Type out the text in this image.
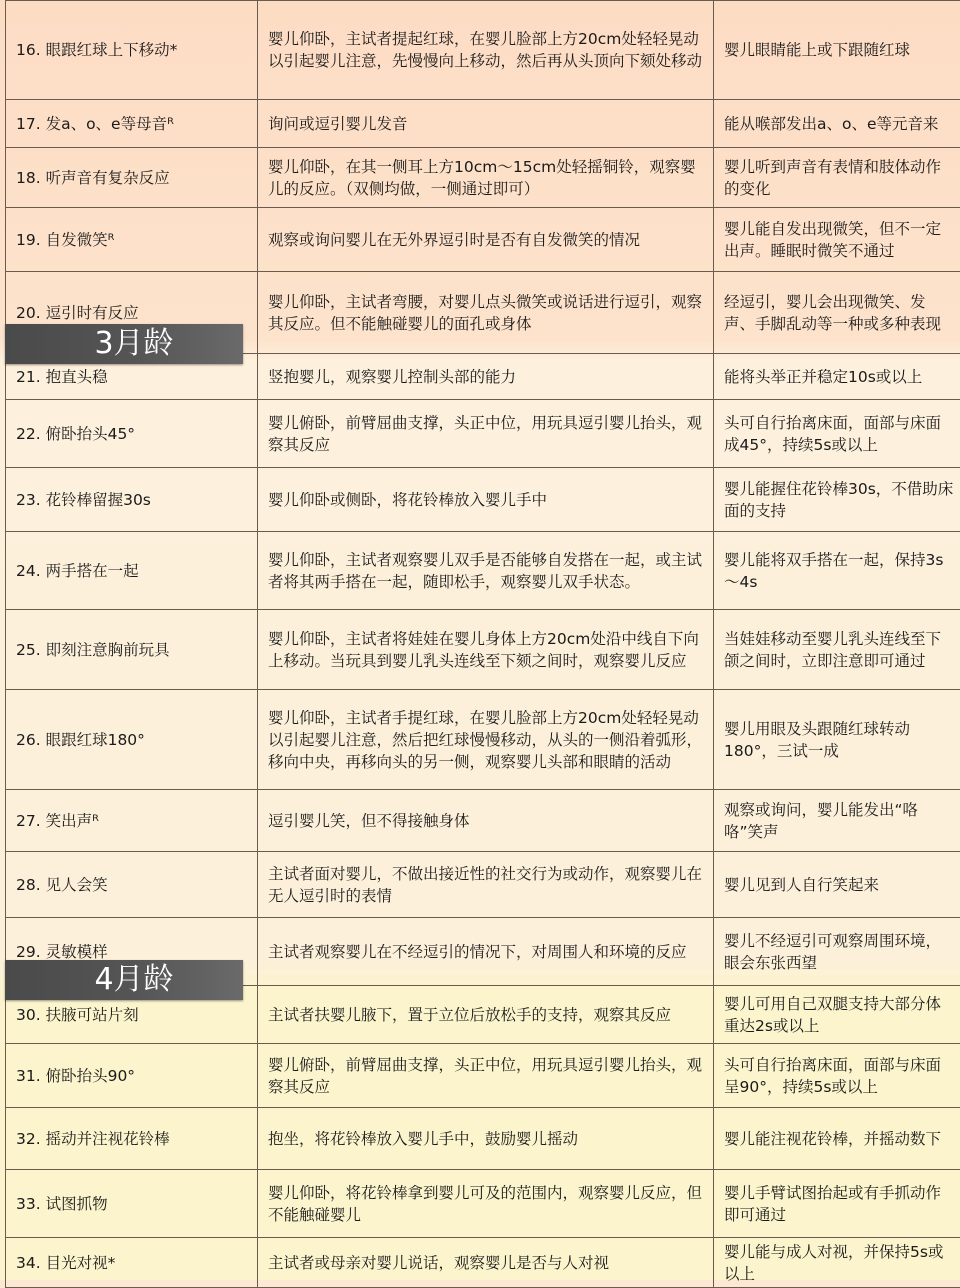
16. 眼跟红球上下移动*	婴儿仰卧，主试者提起红球，在婴儿脸部上方20cm处轻轻晃动以引起婴儿注意，先慢慢向上移动，然后再从头顶向下颏处移动	婴儿眼睛能上或下跟随红球
17. 发a、o、e等母音ᴿ	询问或逗引婴儿发音	能从喉部发出a、o、e等元音来
18. 听声音有复杂反应	婴儿仰卧，在其一侧耳上方10cm～15cm处轻摇铜铃，观察婴儿的反应。（双侧均做，一侧通过即可）	婴儿听到声音有表情和肢体动作的变化
19. 自发微笑ᴿ	观察或询问婴儿在无外界逗引时是否有自发微笑的情况	婴儿能自发出现微笑，但不一定出声。睡眠时微笑不通过
20. 逗引时有反应	婴儿仰卧，主试者弯腰，对婴儿点头微笑或说话进行逗引，观察其反应。但不能触碰婴儿的面孔或身体	经逗引，婴儿会出现微笑、发声、手脚乱动等一种或多种表现
21. 抱直头稳	竖抱婴儿，观察婴儿控制头部的能力	能将头举正并稳定10s或以上
22. 俯卧抬头45°	婴儿俯卧，前臂屈曲支撑，头正中位，用玩具逗引婴儿抬头，观察其反应	头可自行抬离床面，面部与床面成45°，持续5s或以上
23. 花铃棒留握30s	婴儿仰卧或侧卧，将花铃棒放入婴儿手中	婴儿能握住花铃棒30s，不借助床面的支持
24. 两手搭在一起	婴儿仰卧，主试者观察婴儿双手是否能够自发搭在一起，或主试者将其两手搭在一起，随即松手，观察婴儿双手状态。	婴儿能将双手搭在一起，保持3s～4s
25. 即刻注意胸前玩具	婴儿仰卧，主试者将娃娃在婴儿身体上方20cm处沿中线自下向上移动。当玩具到婴儿乳头连线至下颏之间时，观察婴儿反应	当娃娃移动至婴儿乳头连线至下颌之间时，立即注意即可通过
26. 眼跟红球180°	婴儿仰卧，主试者手提红球，在婴儿脸部上方20cm处轻轻晃动以引起婴儿注意，然后把红球慢慢移动，从头的一侧沿着弧形，移向中央，再移向头的另一侧，观察婴儿头部和眼睛的活动	婴儿用眼及头跟随红球转动180°，三试一成
27. 笑出声ᴿ	逗引婴儿笑，但不得接触身体	观察或询问，婴儿能发出“咯咯”笑声
28. 见人会笑	主试者面对婴儿，不做出接近性的社交行为或动作，观察婴儿在无人逗引时的表情	婴儿见到人自行笑起来
29. 灵敏模样	主试者观察婴儿在不经逗引的情况下，对周围人和环境的反应	婴儿不经逗引可观察周围环境，眼会东张西望
30. 扶腋可站片刻	主试者扶婴儿腋下，置于立位后放松手的支持，观察其反应	婴儿可用自己双腿支持大部分体重达2s或以上
31. 俯卧抬头90°	婴儿俯卧，前臂屈曲支撑，头正中位，用玩具逗引婴儿抬头，观察其反应	头可自行抬离床面，面部与床面呈90°，持续5s或以上
32. 摇动并注视花铃棒	抱坐，将花铃棒放入婴儿手中，鼓励婴儿摇动	婴儿能注视花铃棒，并摇动数下
33. 试图抓物	婴儿仰卧，将花铃棒拿到婴儿可及的范围内，观察婴儿反应，但不能触碰婴儿	婴儿手臂试图抬起或有手抓动作即可通过
34. 目光对视*	主试者或母亲对婴儿说话，观察婴儿是否与人对视	婴儿能与成人对视，并保持5s或以上
3月龄
4月龄
